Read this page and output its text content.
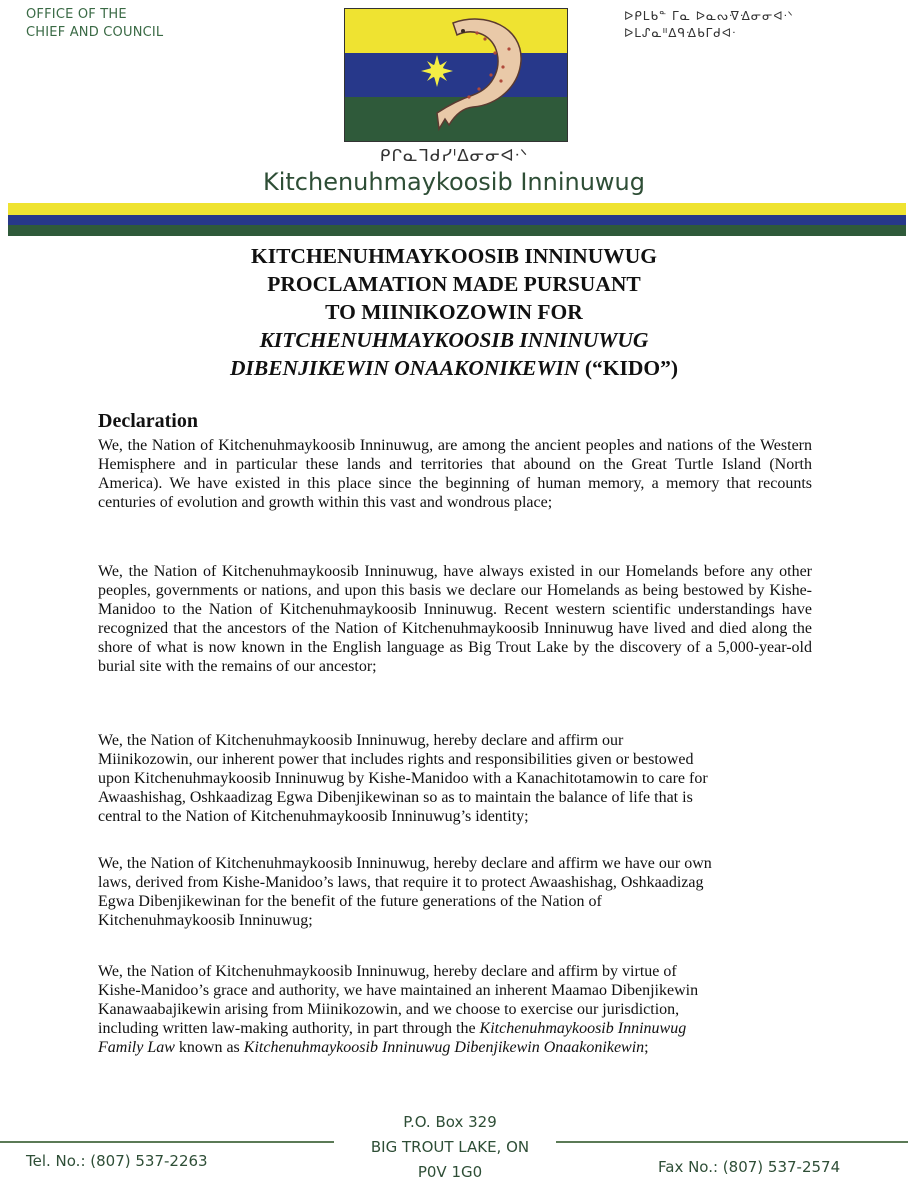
OFFICE OF THE
CHIEF AND COUNCIL
ᐅᑭᒪᑲᓐ ᒥᓇ ᐅᓇᔓᐌᐎᓂᓂᐊᐧᐠ
ᐅᒪᔑᓇᐦᐃᑫᐎᑲᒥᑯᐊᐧ
ᑭᒋᓇᒣᑯᓯᑊᐃᓂᓂᐊᐧᐠ
Kitchenuhmaykoosib Inninuwug
KITCHENUHMAYKOOSIB INNINUWUG
PROCLAMATION MADE PURSUANT
TO MIINIKOZOWIN FOR
KITCHENUHMAYKOOSIB INNINUWUG
DIBENJIKEWIN ONAAKONIKEWIN (“KIDO”)
Declaration
We, the Nation of Kitchenuhmaykoosib Inninuwug, are among the ancient peoples and nations of the Western Hemisphere and in particular these lands and territories that abound on the Great Turtle Island (North America). We have existed in this place since the beginning of human memory, a memory that recounts centuries of evolution and growth within this vast and wondrous place;
We, the Nation of Kitchenuhmaykoosib Inninuwug, have always existed in our Homelands before any other peoples, governments or nations, and upon this basis we declare our Homelands as being bestowed by Kishe-Manidoo to the Nation of Kitchenuhmaykoosib Inninuwug. Recent western scientific understandings have recognized that the ancestors of the Nation of Kitchenuhmaykoosib Inninuwug have lived and died along the shore of what is now known in the English language as Big Trout Lake by the discovery of a 5,000-year-old burial site with the remains of our ancestor;
We, the Nation of Kitchenuhmaykoosib Inninuwug, hereby declare and affirm our
Miinikozowin, our inherent power that includes rights and responsibilities given or bestowed
upon Kitchenuhmaykoosib Inninuwug by Kishe-Manidoo with a Kanachitotamowin to care for
Awaashishag, Oshkaadizag Egwa Dibenjikewinan so as to maintain the balance of life that is
central to the Nation of Kitchenuhmaykoosib Inninuwug’s identity;
We, the Nation of Kitchenuhmaykoosib Inninuwug, hereby declare and affirm we have our own
laws, derived from Kishe-Manidoo’s laws, that require it to protect Awaashishag, Oshkaadizag
Egwa Dibenjikewinan for the benefit of the future generations of the Nation of
Kitchenuhmaykoosib Inninuwug;
We, the Nation of Kitchenuhmaykoosib Inninuwug, hereby declare and affirm by virtue of
Kishe-Manidoo’s grace and authority, we have maintained an inherent Maamao Dibenjikewin
Kanawaabajikewin arising from Miinikozowin, and we choose to exercise our jurisdiction,
including written law-making authority, in part through the Kitchenuhmaykoosib Inninuwug
Family Law known as Kitchenuhmaykoosib Inninuwug Dibenjikewin Onaakonikewin;
P.O. Box 329
BIG TROUT LAKE, ON
P0V 1G0
Tel. No.: (807) 537-2263	Fax No.: (807) 537-2574
